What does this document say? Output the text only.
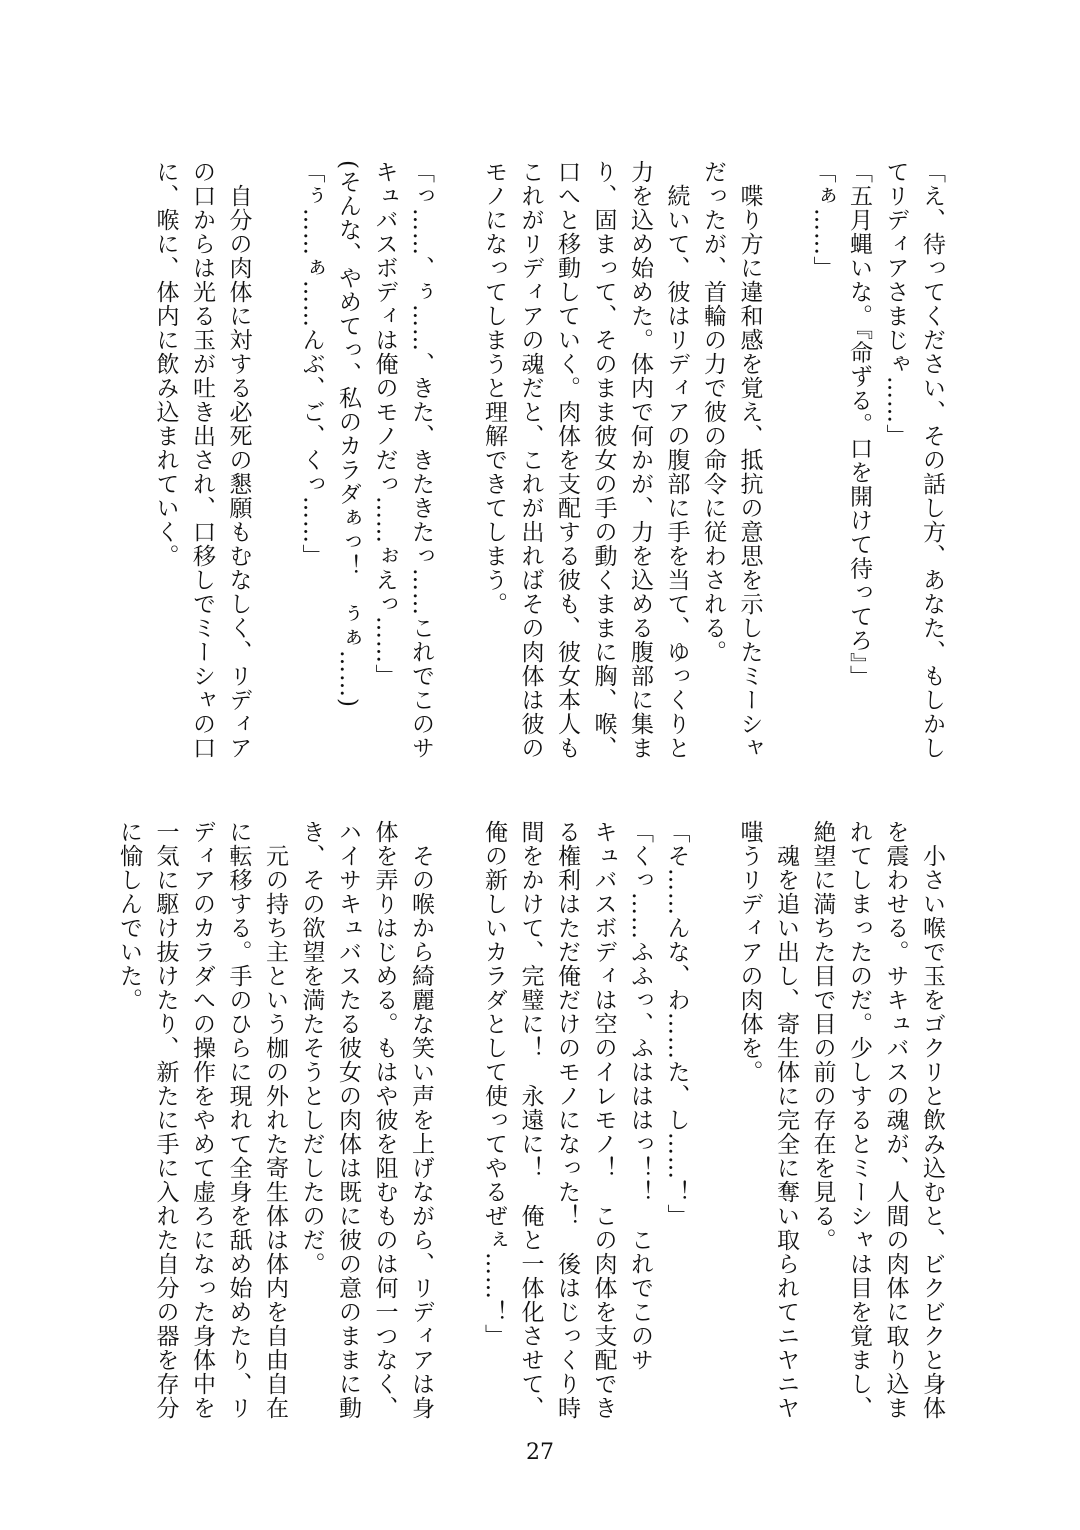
「え、待ってください、その話し方、あなた、もしかし
てリディアさまじゃ……」
「五月蝿いな。『命ずる。口を開けて待ってろ』」
「ぁ……」

　喋り方に違和感を覚え、抵抗の意思を示したミーシャ
だったが、首輪の力で彼の命令に従わされる。
　続いて、彼はリディアの腹部に手を当て、ゆっくりと
力を込め始めた。体内で何かが、力を込める腹部に集ま
り、固まって、そのまま彼女の手の動くままに胸、喉、
口へと移動していく。肉体を支配する彼も、彼女本人も
これがリディアの魂だと、これが出ればその肉体は彼の
モノになってしまうと理解できてしまう。

「っ……、ぅ……、きた、きたきたっ……これでこのサ
キュバスボディは俺のモノだっ……ぉえっ……」
(そんな、やめてっ、私のカラダぁっ！　ぅぁ……)
「ぅ……ぁ……んぶ、ご、くっ……」

　自分の肉体に対する必死の懇願もむなしく、リディア
の口からは光る玉が吐き出され、口移しでミーシャの口
に、喉に、体内に飲み込まれていく。
　小さい喉で玉をゴクリと飲み込むと、ビクビクと身体
を震わせる。サキュバスの魂が、人間の肉体に取り込ま
れてしまったのだ。少しするとミーシャは目を覚まし、
絶望に満ちた目で目の前の存在を見る。
　魂を追い出し、寄生体に完全に奪い取られてニヤニヤ
嗤うリディアの肉体を。

「そ……んな、わ……た、し……！」
「くっ……ふふっ、ふはははっ！！　これでこのサ
キュバスボディは空のイレモノ！　この肉体を支配でき
る権利はただ俺だけのモノになった！　後はじっくり時
間をかけて、完璧に！　永遠に！　俺と一体化させて、
俺の新しいカラダとして使ってやるぜぇ……！」

　その喉から綺麗な笑い声を上げながら、リディアは身
体を弄りはじめる。もはや彼を阻むものは何一つなく、
ハイサキュバスたる彼女の肉体は既に彼の意のままに動
き、その欲望を満たそうとしだしたのだ。
　元の持ち主という枷の外れた寄生体は体内を自由自在
に転移する。手のひらに現れて全身を舐め始めたり、リ
ディアのカラダへの操作をやめて虚ろになった身体中を
一気に駆け抜けたり、新たに手に入れた自分の器を存分
に愉しんでいた。
27
